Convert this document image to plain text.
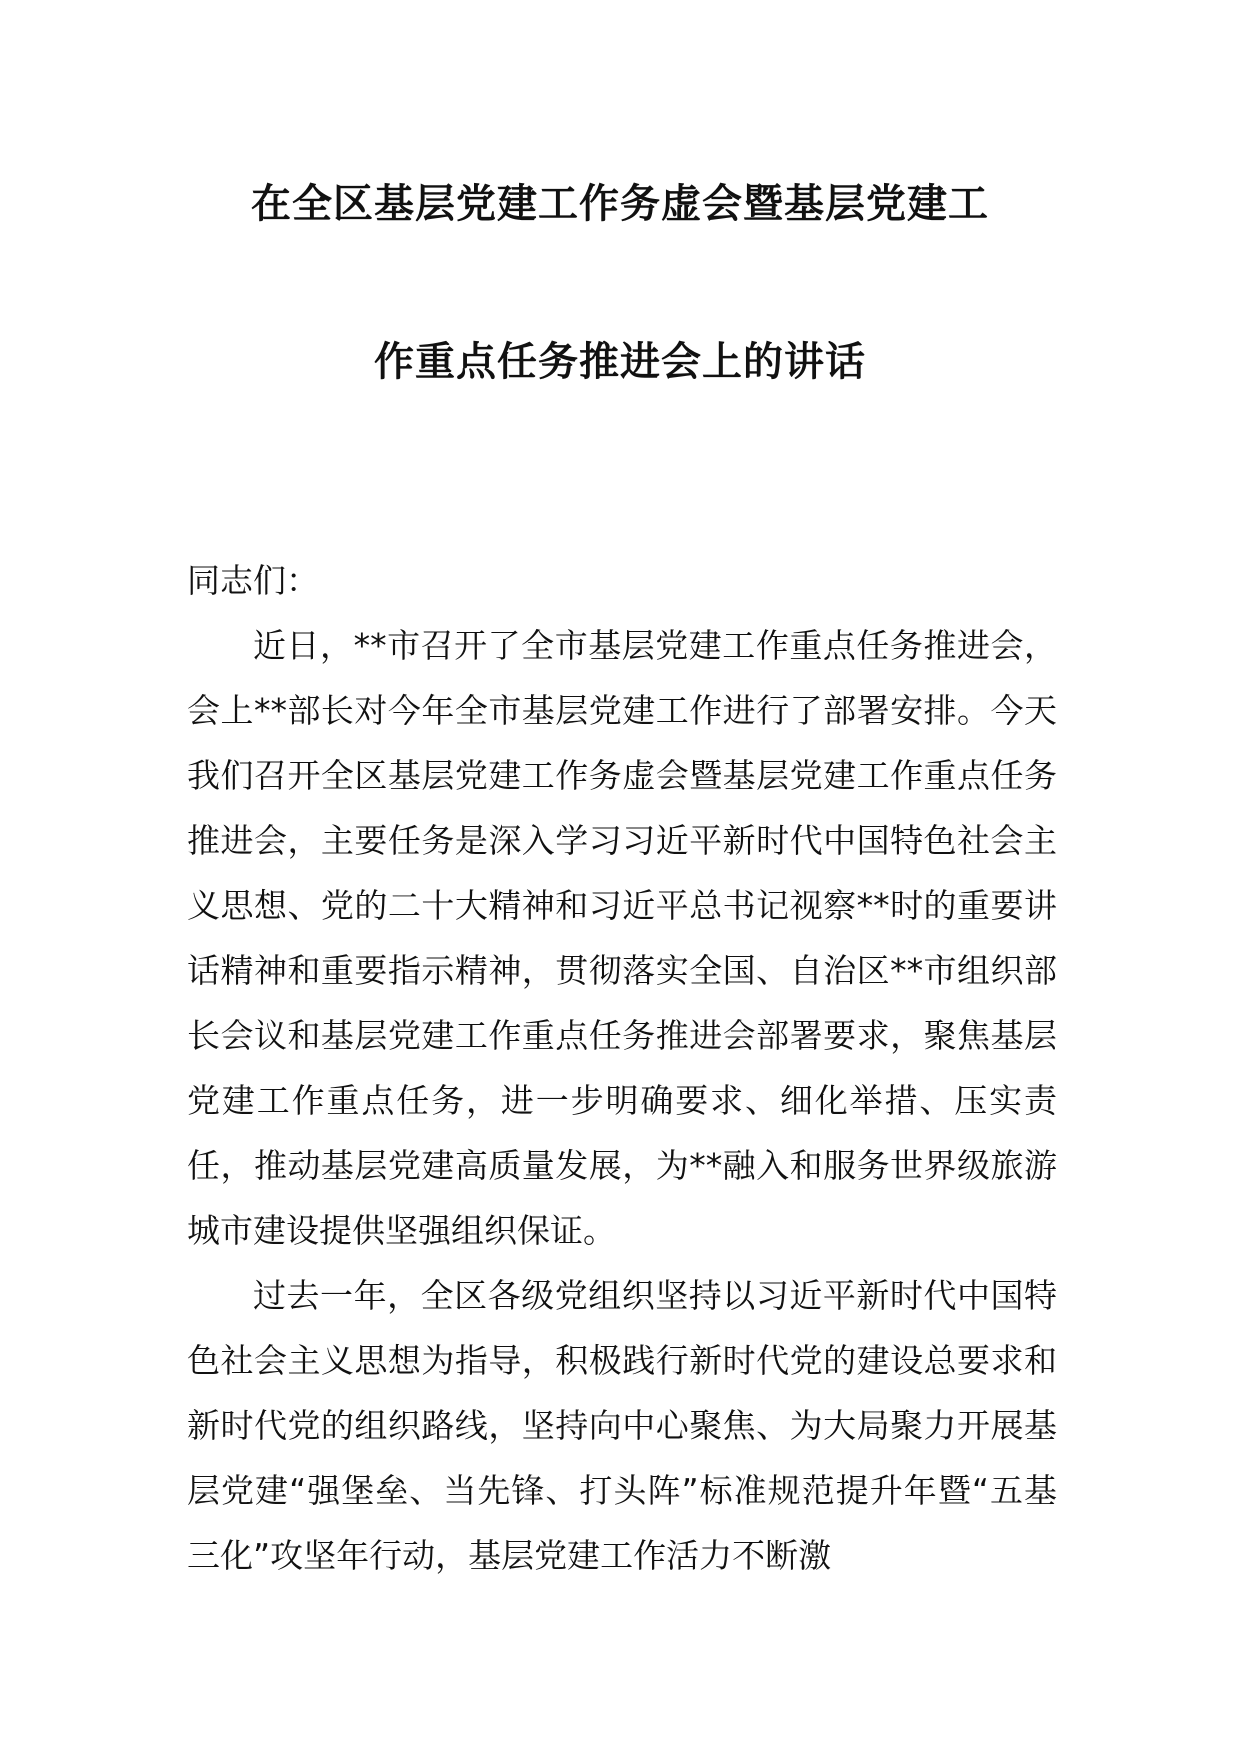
在全区基层党建工作务虚会暨基层党建工
作重点任务推进会上的讲话

同志们：

近日，**市召开了全市基层党建工作重点任务推进会，会上**部长对今年全市基层党建工作进行了部署安排。今天我们召开全区基层党建工作务虚会暨基层党建工作重点任务推进会，主要任务是深入学习习近平新时代中国特色社会主义思想、党的二十大精神和习近平总书记视察**时的重要讲话精神和重要指示精神，贯彻落实全国、自治区**市组织部长会议和基层党建工作重点任务推进会部署要求，聚焦基层党建工作重点任务，进一步明确要求、细化举措、压实责任，推动基层党建高质量发展，为**融入和服务世界级旅游城市建设提供坚强组织保证。

过去一年，全区各级党组织坚持以习近平新时代中国特色社会主义思想为指导，积极践行新时代党的建设总要求和新时代党的组织路线，坚持向中心聚焦、为大局聚力开展基层党建“强堡垒、当先锋、打头阵”标准规范提升年暨“五基三化”攻坚年行动，基层党建工作活力不断激
